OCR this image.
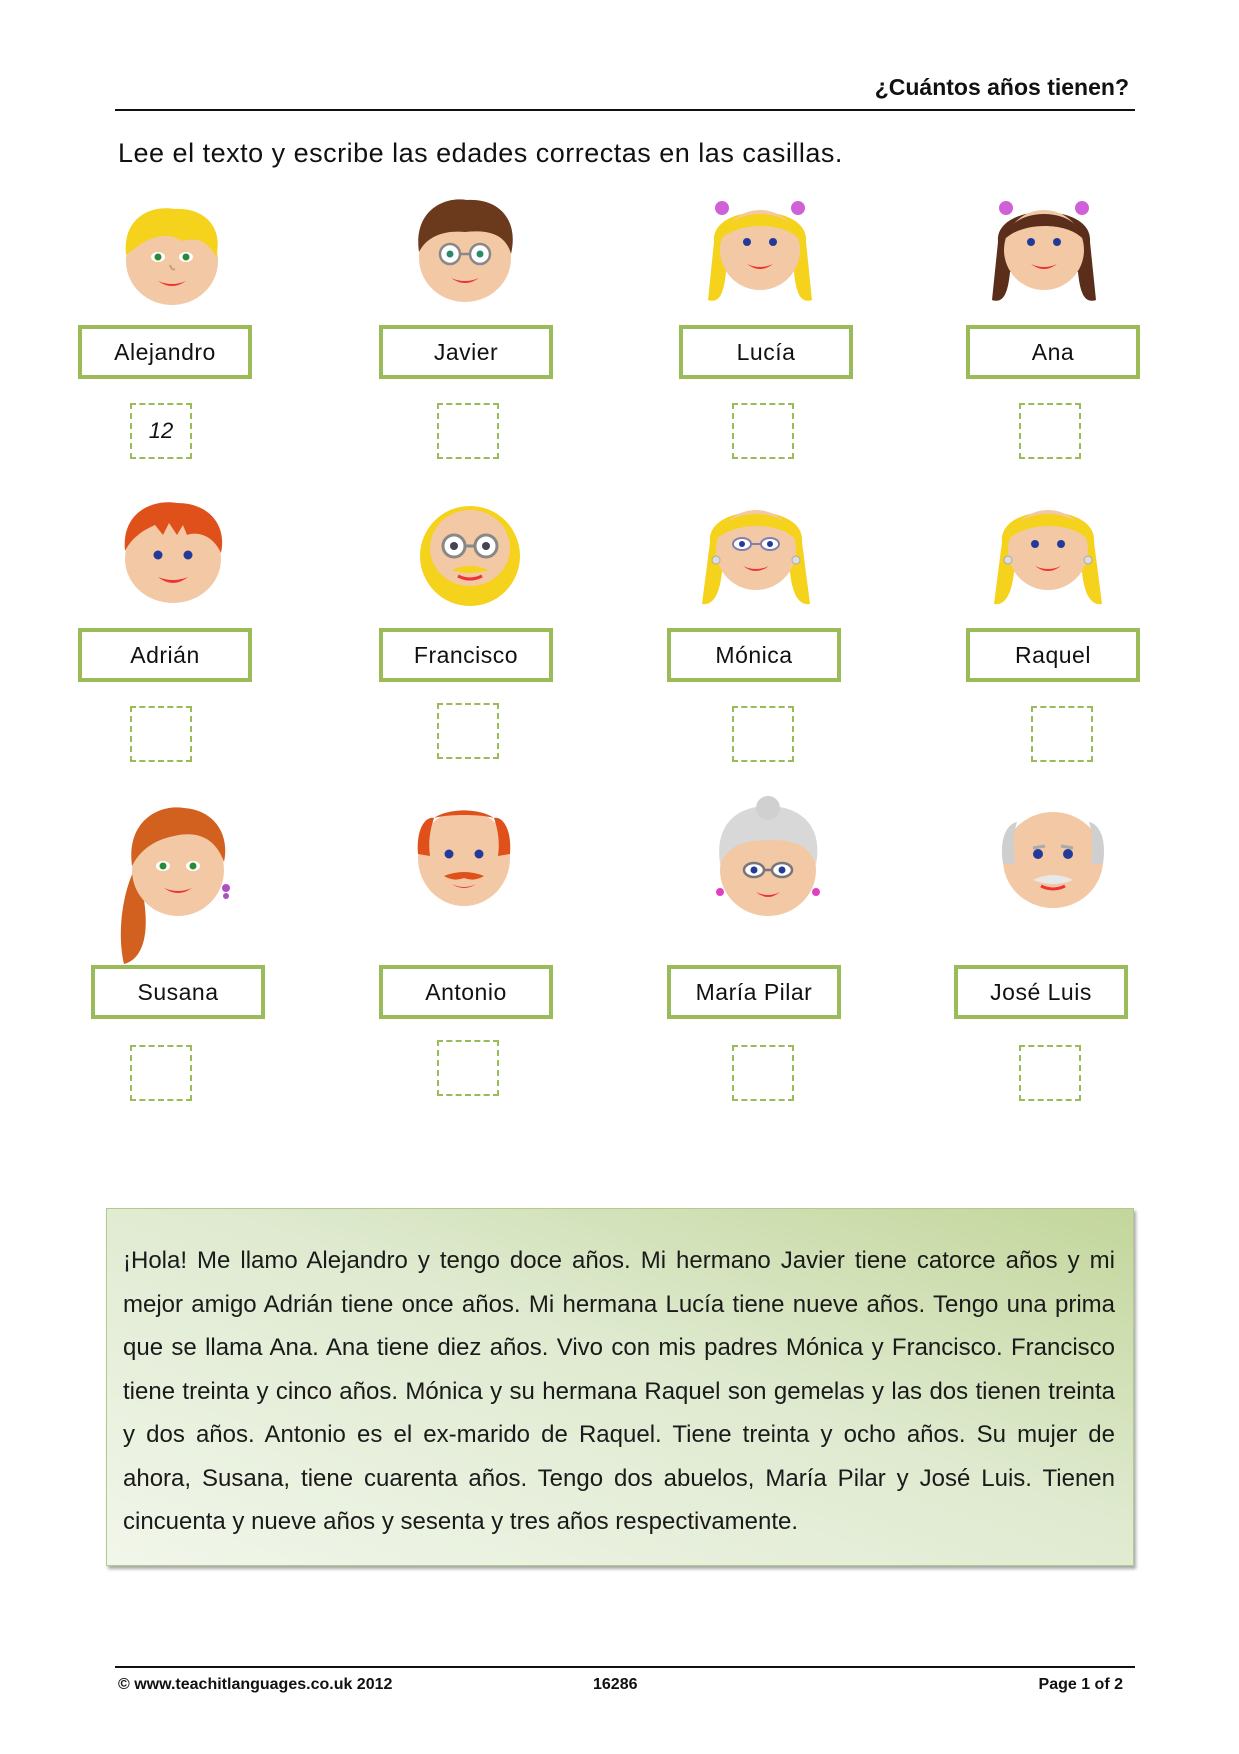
¿Cuántos años tienen?
Lee el texto y escribe las edades correctas en las casillas.
Alejandro	Javier	Lucía	Ana
12
Adrián	Francisco	Mónica	Raquel
Susana	Antonio	María Pilar	José Luis

¡Hola! Me llamo Alejandro y tengo doce años. Mi hermano Javier tiene catorce años y mi mejor amigo Adrián tiene once años. Mi hermana Lucía tiene nueve años. Tengo una prima que se llama Ana. Ana tiene diez años. Vivo con mis padres Mónica y Francisco. Francisco tiene treinta y cinco años. Mónica y su hermana Raquel son gemelas y las dos tienen treinta y dos años. Antonio es el ex-marido de Raquel. Tiene treinta y ocho años. Su mujer de ahora, Susana, tiene cuarenta años. Tengo dos abuelos, María Pilar y José Luis. Tienen cincuenta y nueve años y sesenta y tres años respectivamente.

© www.teachitlanguages.co.uk 2012	16286	Page 1 of 2
